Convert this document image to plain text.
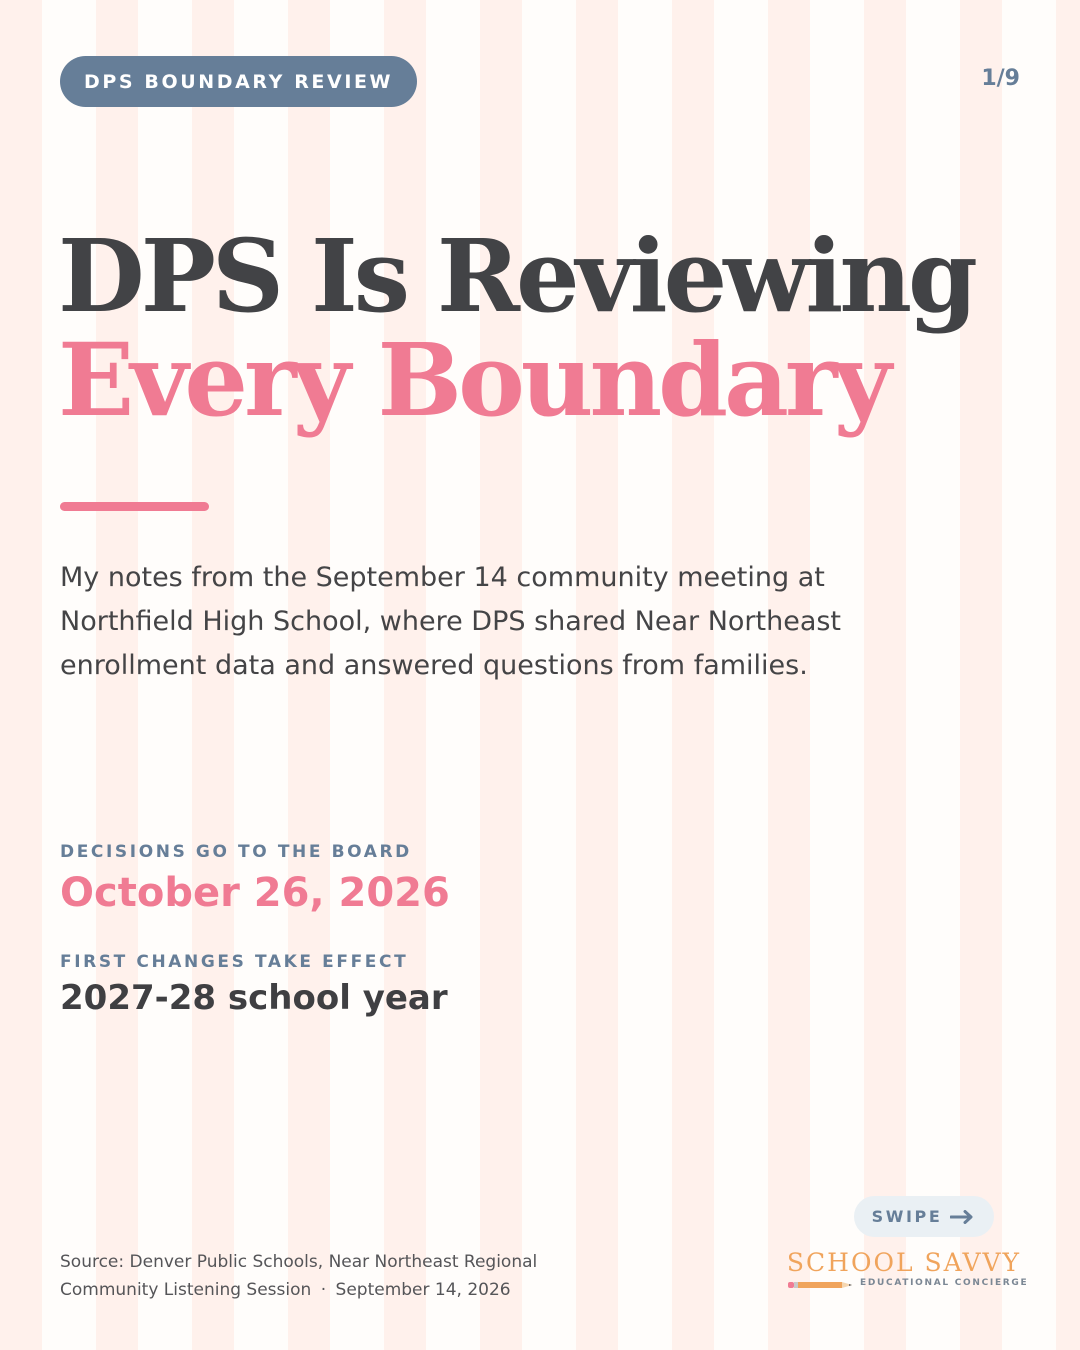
DPS BOUNDARY REVIEW	1/9
DPS Is Reviewing
Every Boundary

My notes from the September 14 community meeting at Northfield High School, where DPS shared Near Northeast enrollment data and answered questions from families.

DECISIONS GO TO THE BOARD
October 26, 2026
FIRST CHANGES TAKE EFFECT
2027-28 school year

Source: Denver Public Schools, Near Northeast Regional Community Listening Session · September 14, 2026

SWIPE
SCHOOL SAVVY
EDUCATIONAL CONCIERGE
